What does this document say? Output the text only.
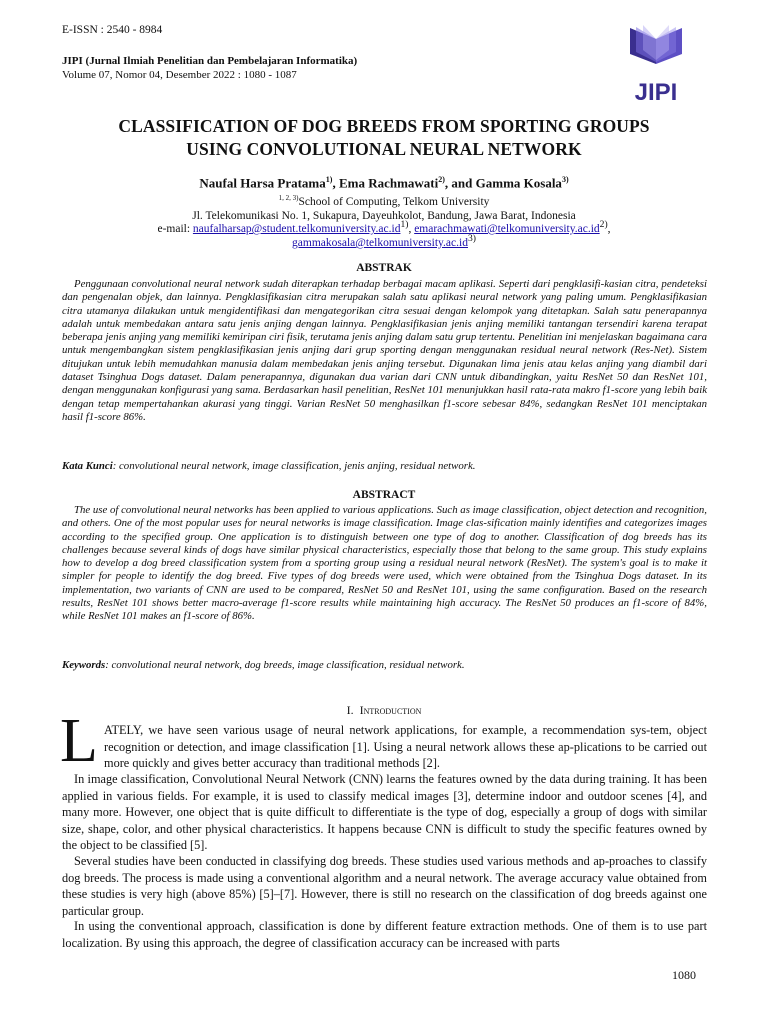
E-ISSN : 2540 - 8984
JIPI (Jurnal Ilmiah Penelitian dan Pembelajaran Informatika)
Volume 07, Nomor 04, Desember 2022 : 1080 - 1087
JIPI
CLASSIFICATION OF DOG BREEDS FROM SPORTING GROUPS
USING CONVOLUTIONAL NEURAL NETWORK
Naufal Harsa Pratama$^{1)}$, Ema Rachmawati$^{2)}$, and Gamma Kosala$^{3)}$
$^{1, 2, 3)}$School of Computing, Telkom University
Jl. Telekomunikasi No. 1, Sukapura, Dayeuhkolot, Bandung, Jawa Barat, Indonesia
e-mail: $naufalharsap@student.telkomuniversity.ac.id^{1)}$, $emarachmawati@telkomuniversity.ac.id^{2)}$,
$gammakosala@telkomuniversity.ac.id^{3)}$
ABSTRAK
Penggunaan convolutional neural network sudah diterapkan terhadap berbagai macam aplikasi. Seperti dari pengklasifi-kasian citra, pendeteksi dan pengenalan objek, dan lainnya. Pengklasifikasian citra merupakan salah satu aplikasi neural network yang paling umum. Pengklasifikasian citra utamanya dilakukan untuk mengidentifikasi dan mengategorikan citra sesuai dengan kelompok yang ditetapkan. Salah satu penerapannya adalah untuk membedakan antara satu jenis anjing dengan lainnya. Pengklasifikasian jenis anjing memiliki tantangan tersendiri karena terapat beberapa jenis anjing yang memiliki kemiripan ciri fisik, terutama jenis anjing dalam satu grup tertentu. Penelitian ini menjelaskan bagaimana cara untuk mengembangkan sistem pengklasifikasian jenis anjing dari grup sporting dengan menggunakan residual neural network (Res-Net). Sistem ditujukan untuk lebih memudahkan manusia dalam membedakan jenis anjing tersebut. Digunakan lima jenis atau kelas anjing yang diambil dari dataset Tsinghua Dogs dataset. Dalam penerapannya, digunakan dua varian dari CNN untuk dibandingkan, yaitu ResNet 50 dan ResNet 101, dengan menggunakan konfigurasi yang sama. Berdasarkan hasil penelitian, ResNet 101 menunjukkan hasil rata-rata makro f1-score yang lebih baik dengan tetap mempertahankan akurasi yang tinggi. Varian ResNet 50 menghasilkan f1-score sebesar 84%, sedangkan ResNet 101 menciptakan hasil f1-score 86%.
Kata Kunci: convolutional neural network, image classification, jenis anjing, residual network.
ABSTRACT
The use of convolutional neural networks has been applied to various applications. Such as image classification, object detection and recognition, and others. One of the most popular uses for neural networks is image classification. Image clas-sification mainly identifies and categorizes images according to the specified group. One application is to distinguish between one type of dog to another. Classification of dog breeds has its challenges because several kinds of dogs have similar physical characteristics, especially those that belong to the same group. This study explains how to develop a dog breed classification system from a sporting group using a residual neural network (ResNet). The system's goal is to make it simpler for people to identify the dog breed. Five types of dog breeds were used, which were obtained from the Tsinghua Dogs dataset. In its implementation, two variants of CNN are used to be compared, ResNet 50 and ResNet 101, using the same configuration. Based on the research results, ResNet 101 shows better macro-average f1-score results while maintaining high accuracy. The ResNet 50 produces an f1-score of 84%, while ResNet 101 makes an f1-score of 86%.
Keywords: convolutional neural network, dog breeds, image classification, residual network.
I. Introduction
L ATELY, we have seen various usage of neural network applications, for example, a recommendation sys-tem, object recognition or detection, and image classification [1]. Using a neural network allows these ap-plications to be carried out more quickly and gives better accuracy than traditional methods [2].
In image classification, Convolutional Neural Network (CNN) learns the features owned by the data during training. It has been applied in various fields. For example, it is used to classify medical images [3], determine indoor and outdoor scenes [4], and many more. However, one object that is quite difficult to differentiate is the type of dog, especially a group of dogs with similar size, shape, color, and other physical characteristics. It happens because CNN is difficult to study the specific features owned by the object to be classified [5].
Several studies have been conducted in classifying dog breeds. These studies used various methods and ap-proaches to classify dog breeds. The process is made using a conventional algorithm and a neural network. The average accuracy value obtained from these studies is very high (above 85%) [5]–[7]. However, there is still no research on the classification of dog breeds against one particular group.
In using the conventional approach, classification is done by different feature extraction methods. One of them is to use part localization. By using this approach, the degree of classification accuracy can be increased with parts
1080
